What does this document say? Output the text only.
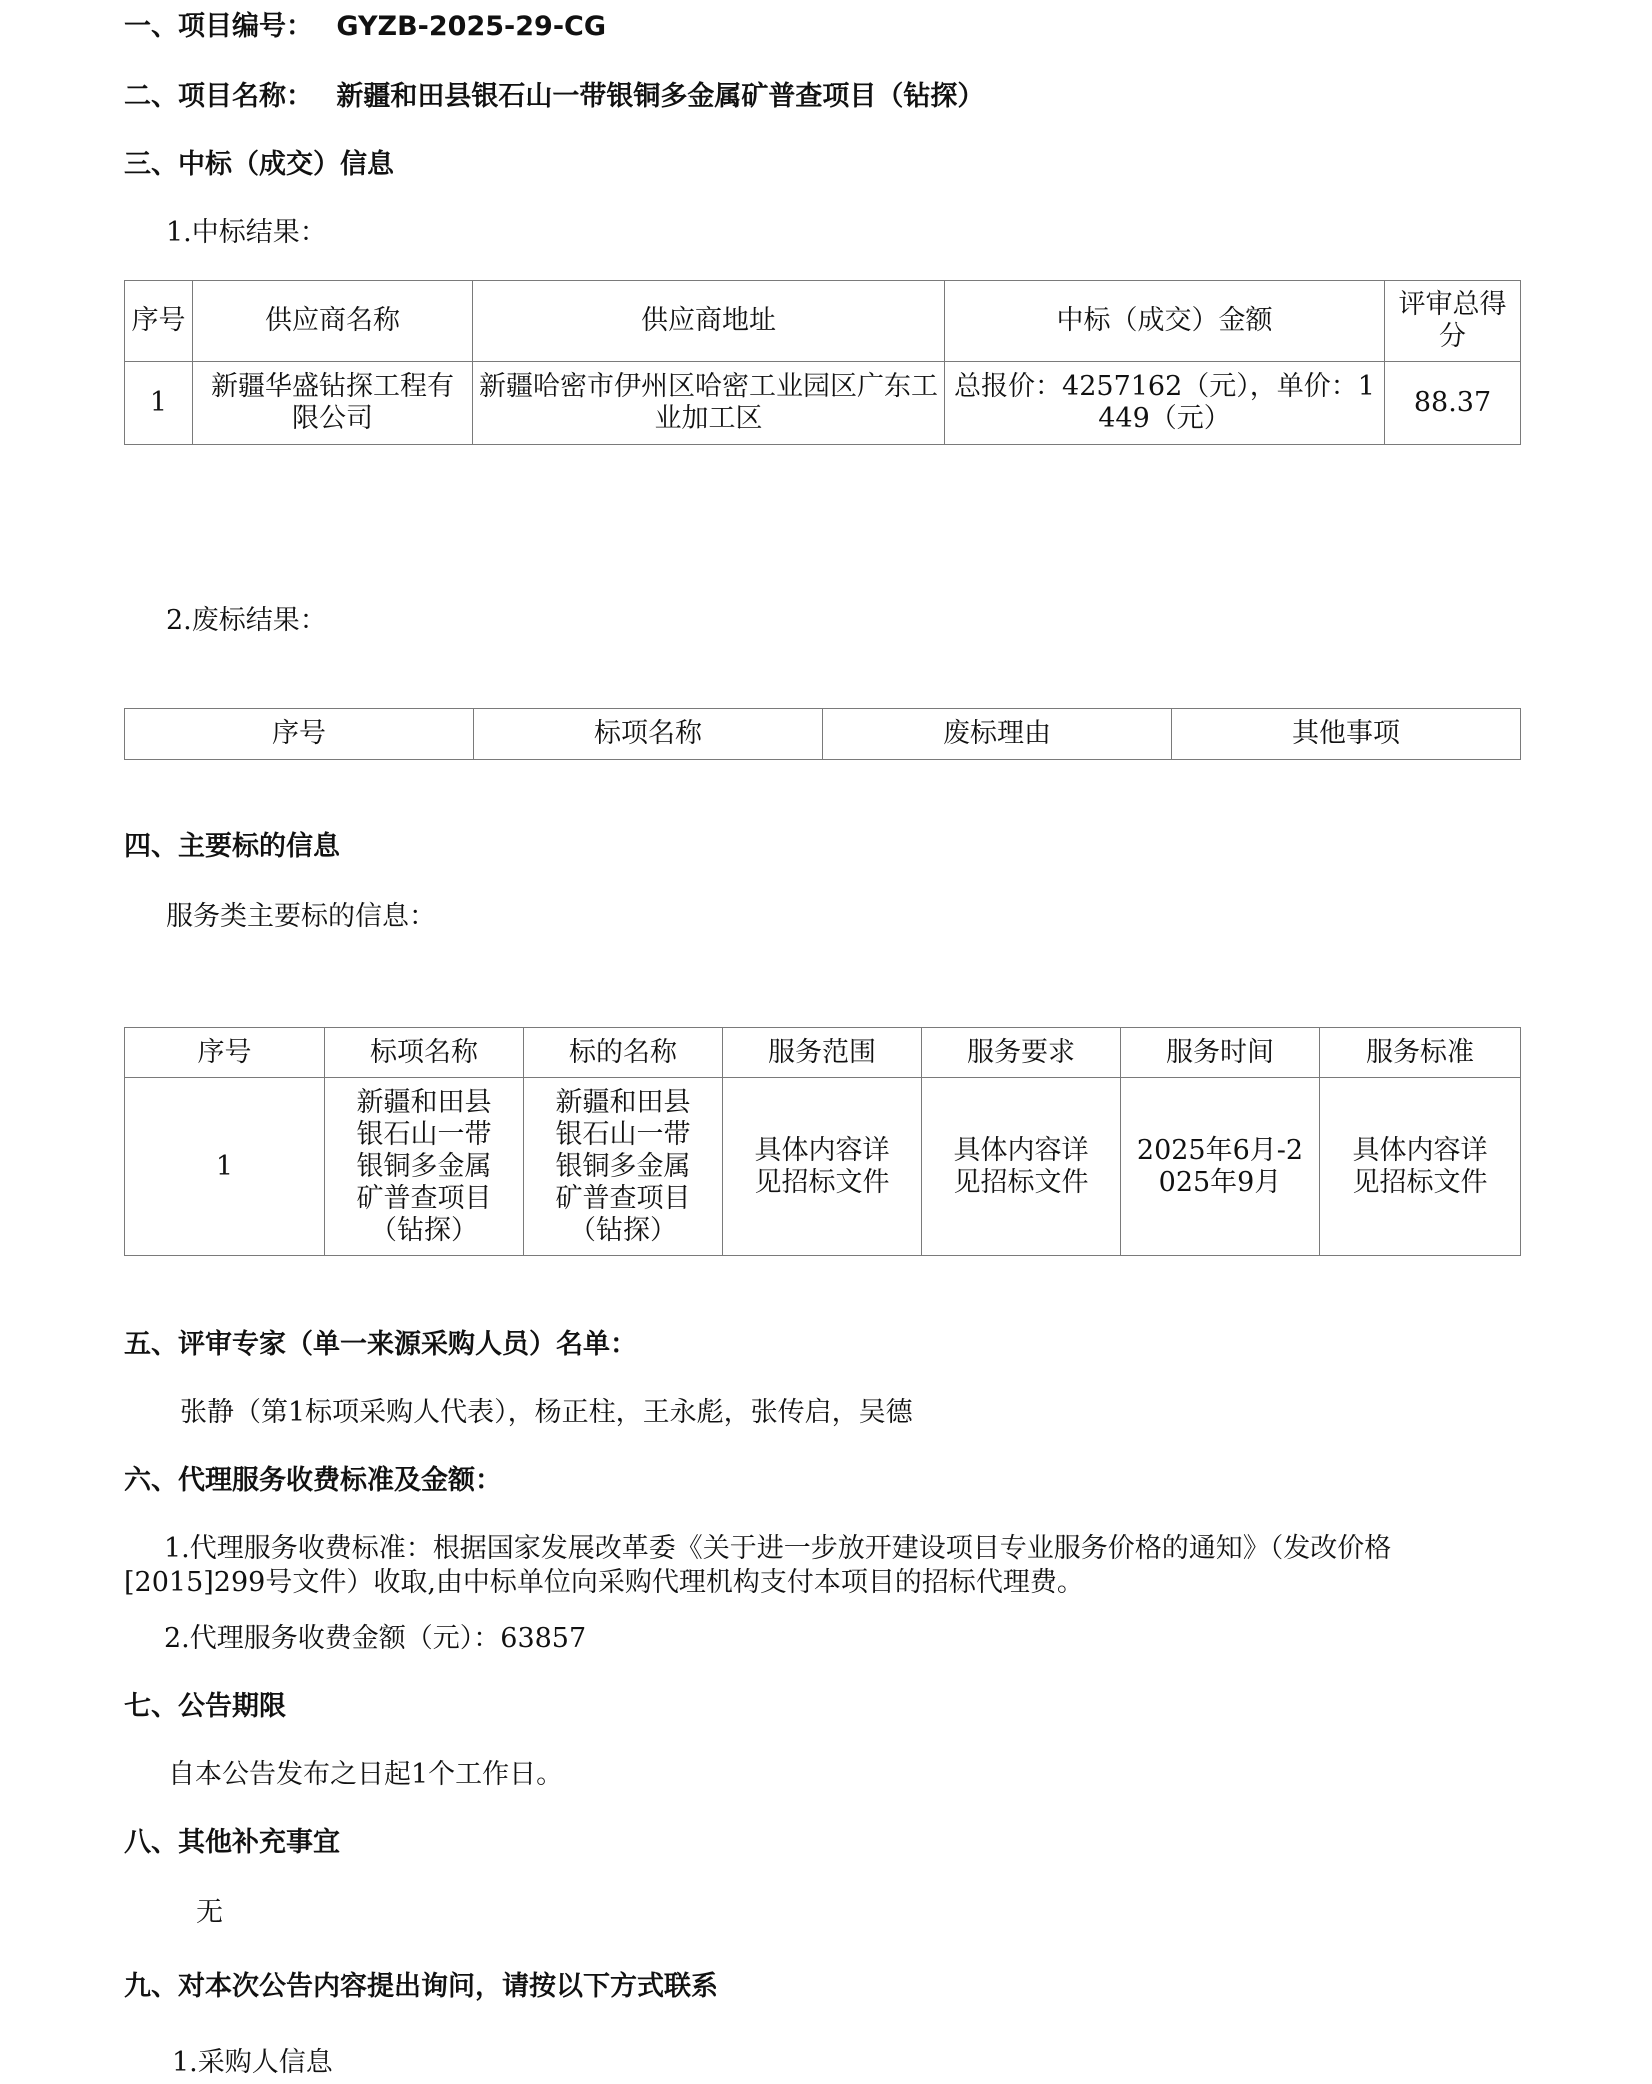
一、项目编号： GYZB-2025-29-CG
二、项目名称： 新疆和田县银石山一带银铜多金属矿普查项目（钻探）
三、中标（成交）信息
1.中标结果：
序号	供应商名称	供应商地址	中标（成交）金额	评审总得分
1	新疆华盛钻探工程有限公司	新疆哈密市伊州区哈密工业园区广东工业加工区	总报价：4257162（元），单价：1449（元）	88.37
2.废标结果：
序号	标项名称	废标理由	其他事项
四、主要标的信息
服务类主要标的信息：
序号	标项名称	标的名称	服务范围	服务要求	服务时间	服务标准
1	新疆和田县银石山一带银铜多金属矿普查项目（钻探）	新疆和田县银石山一带银铜多金属矿普查项目（钻探）	具体内容详见招标文件	具体内容详见招标文件	2025年6月-2025年9月	具体内容详见招标文件
五、评审专家（单一来源采购人员）名单：
张静（第1标项采购人代表），杨正柱，王永彪，张传启，吴德
六、代理服务收费标准及金额：
1.代理服务收费标准：根据国家发展改革委《关于进一步放开建设项目专业服务价格的通知》（发改价格[2015]299号文件）收取,由中标单位向采购代理机构支付本项目的招标代理费。
2.代理服务收费金额（元）：63857
七、公告期限
自本公告发布之日起1个工作日。
八、其他补充事宜
无
九、对本次公告内容提出询问，请按以下方式联系
1.采购人信息
